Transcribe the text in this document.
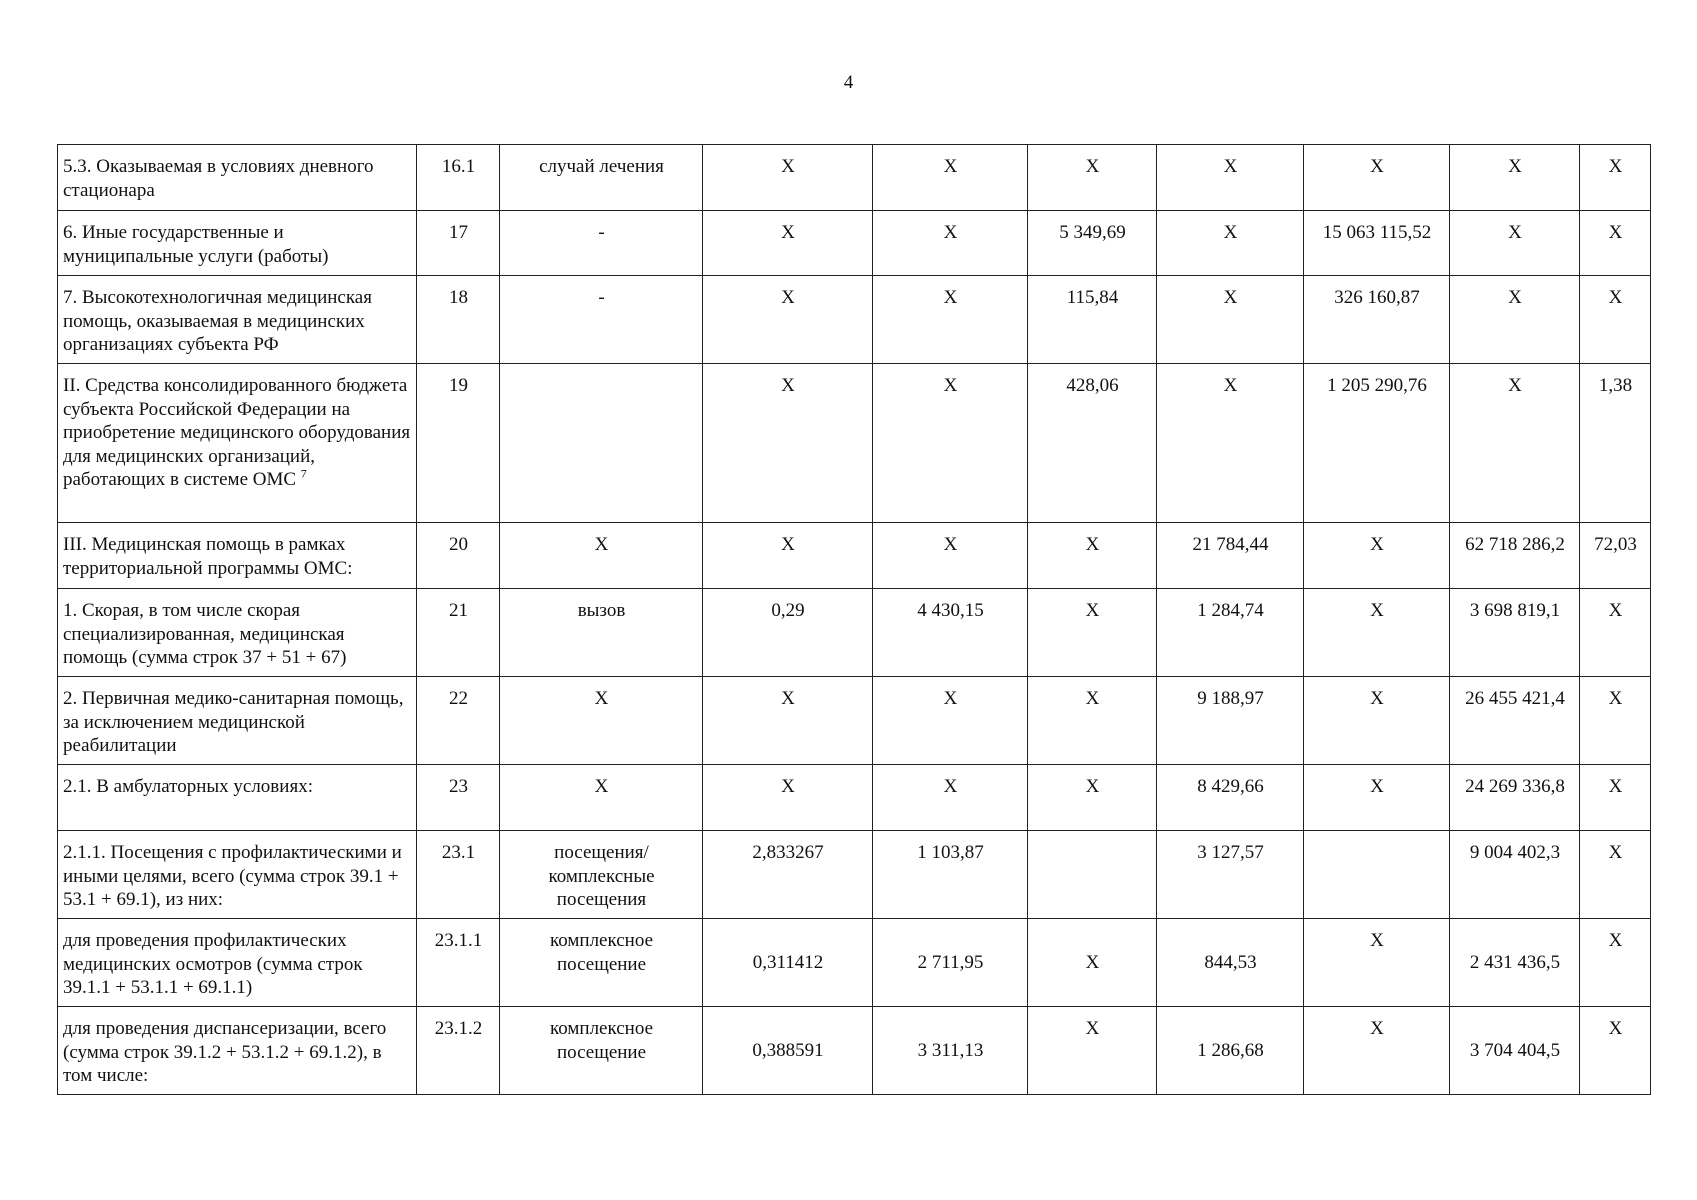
4
5.3. Оказываемая в условиях дневного стационара	16.1	случай лечения	Х	Х	Х	Х	Х	Х	Х
6. Иные государственные и муниципальные услуги (работы)	17	-	Х	Х	5 349,69	Х	15 063 115,52	Х	Х
7. Высокотехнологичная медицинская помощь, оказываемая в медицинских организациях субъекта РФ	18	-	Х	Х	115,84	Х	326 160,87	Х	Х
II. Средства консолидированного бюджета субъекта Российской Федерации на приобретение медицинского оборудования для медицинских организаций, работающих в системе ОМС $^7$	19		Х	Х	428,06	Х	1 205 290,76	Х	1,38
III. Медицинская помощь в рамках территориальной программы ОМС:	20	Х	Х	Х	Х	21 784,44	Х	62 718 286,2	72,03
1. Скорая, в том числе скорая специализированная, медицинская помощь (сумма строк 37 + 51 + 67)	21	вызов	0,29	4 430,15	Х	1 284,74	Х	3 698 819,1	Х
2. Первичная медико-санитарная помощь, за исключением медицинской реабилитации	22	Х	Х	Х	Х	9 188,97	Х	26 455 421,4	Х
2.1. В амбулаторных условиях:	23	Х	Х	Х	Х	8 429,66	Х	24 269 336,8	Х
2.1.1. Посещения с профилактическими и иными целями, всего (сумма строк 39.1 + 53.1 + 69.1), из них:	23.1	посещения/ комплексные посещения	2,833267	1 103,87		3 127,57		9 004 402,3	Х
для проведения профилактических медицинских осмотров (сумма строк 39.1.1 + 53.1.1 + 69.1.1)	23.1.1	комплексное посещение	0,311412	2 711,95	Х	844,53	Х	2 431 436,5	Х
для проведения диспансеризации, всего (сумма строк 39.1.2 + 53.1.2 + 69.1.2), в том числе:	23.1.2	комплексное посещение	0,388591	3 311,13	Х	1 286,68	Х	3 704 404,5	Х
